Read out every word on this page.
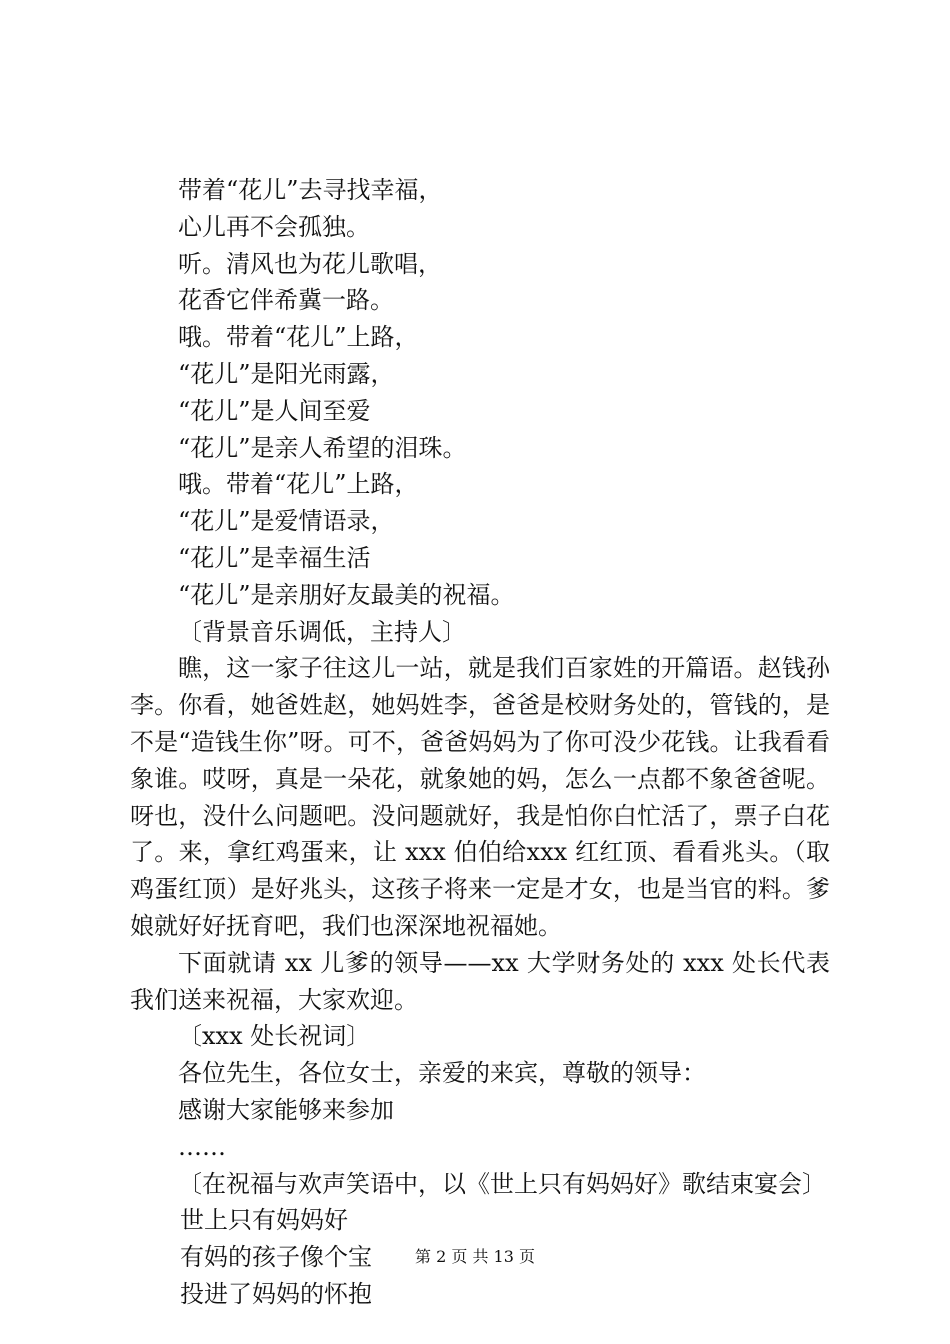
带着“花儿”去寻找幸福，
心儿再不会孤独。
听。清风也为花儿歌唱，
花香它伴希冀一路。
哦。带着“花儿”上路，
“花儿”是阳光雨露，
“花儿”是人间至爱
“花儿”是亲人希望的泪珠。
哦。带着“花儿”上路，
“花儿”是爱情语录，
“花儿”是幸福生活
“花儿”是亲朋好友最美的祝福。
〔背景音乐调低，主持人〕
瞧，这一家子往这儿一站，就是我们百家姓的开篇语。赵钱孙李。你看，她爸姓赵，她妈姓李，爸爸是校财务处的，管钱的，是不是“造钱生你”呀。可不，爸爸妈妈为了你可没少花钱。让我看看象谁。哎呀，真是一朵花，就象她的妈，怎么一点都不象爸爸呢。呀也，没什么问题吧。没问题就好，我是怕你白忙活了，票子白花了。来，拿红鸡蛋来，让 xxx 伯伯给xxx 红红顶、看看兆头。（取鸡蛋红顶）是好兆头，这孩子将来一定是才女，也是当官的料。爹娘就好好抚育吧，我们也深深地祝福她。
下面就请 xx 儿爹的领导——xx 大学财务处的 xxx 处长代表我们送来祝福，大家欢迎。
〔xxx 处长祝词〕
各位先生，各位女士，亲爱的来宾，尊敬的领导：
感谢大家能够来参加
……
〔在祝福与欢声笑语中，以《世上只有妈妈好》歌结束宴会〕
世上只有妈妈好
有妈的孩子像个宝
投进了妈妈的怀抱
第 2 页 共 13 页
